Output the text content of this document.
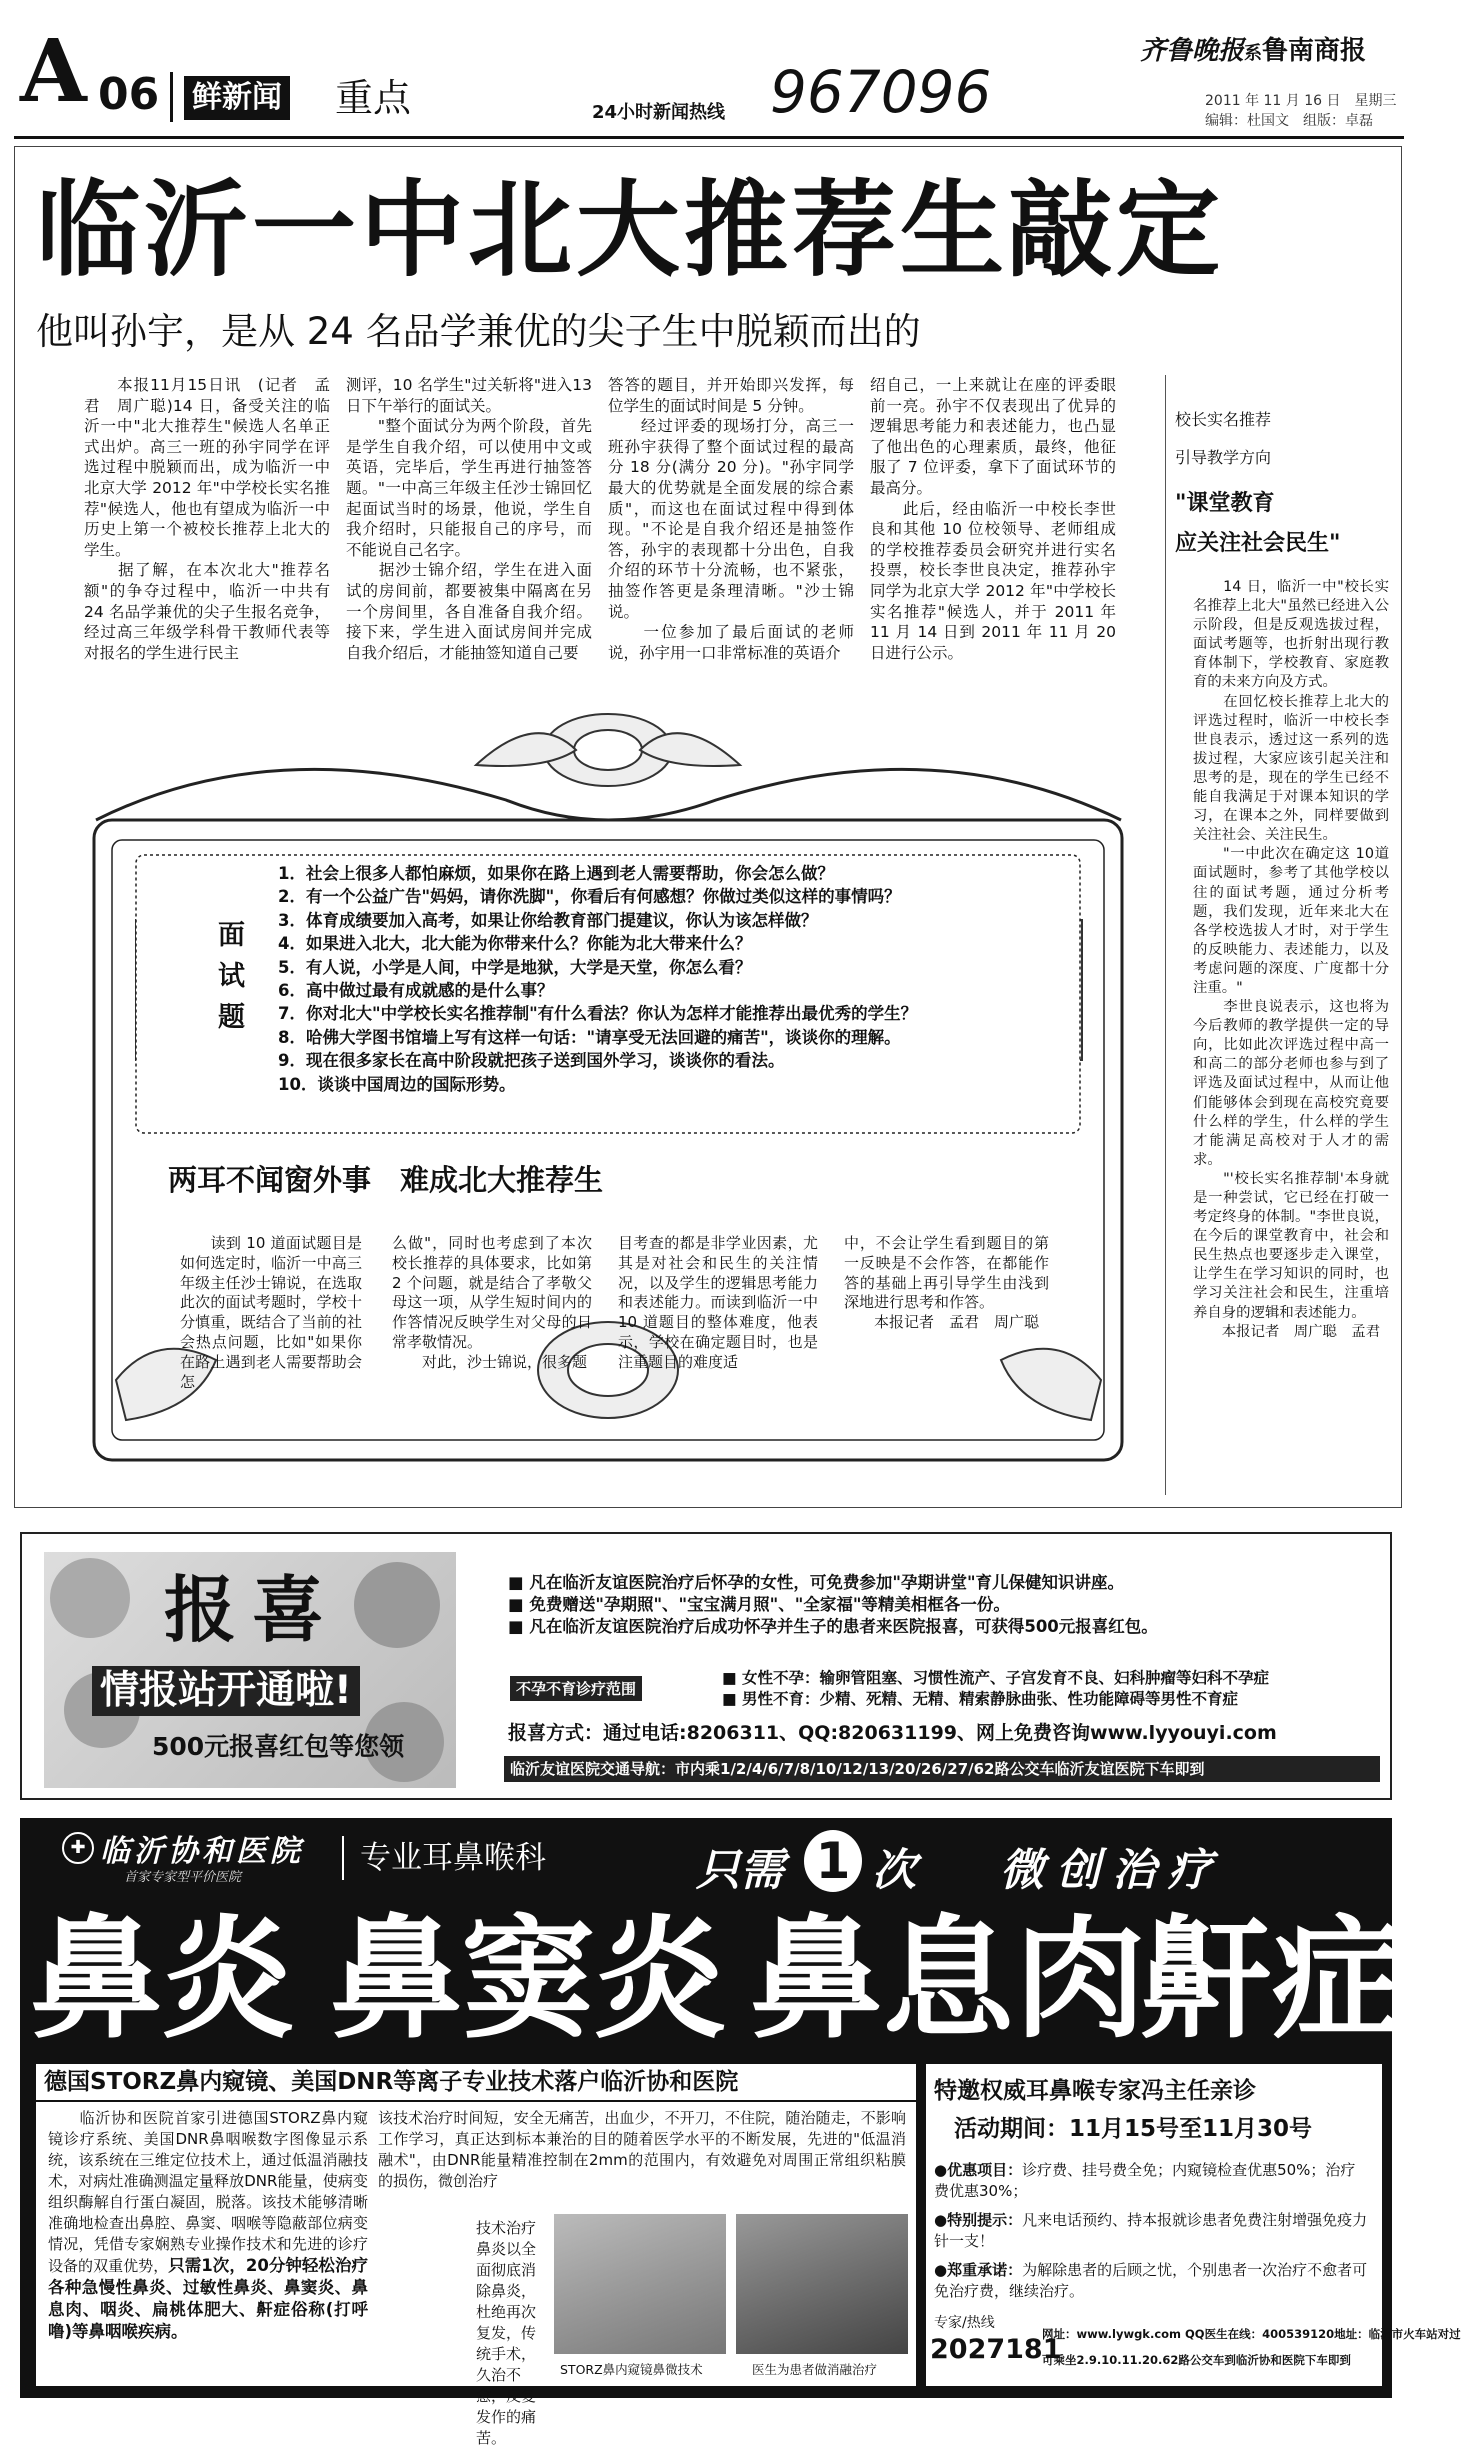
A 06 鲜新闻 重点	24小时新闻热线 967096
齐鲁晚报系鲁南商报
2011 年 11 月 16 日　星期三
编辑：杜国文　组版：卓磊
临沂一中北大推荐生敲定
他叫孙宇，是从 24 名品学兼优的尖子生中脱颖而出的
　　本报11月15日讯　(记者　孟君　周广聪)14 日，备受关注的临沂一中"北大推荐生"候选人名单正式出炉。高三一班的孙宇同学在评选过程中脱颖而出，成为临沂一中北京大学 2012 年"中学校长实名推荐"候选人，他也有望成为临沂一中历史上第一个被校长推荐上北大的学生。
　　据了解，在本次北大"推荐名额"的争夺过程中，临沂一中共有 24 名品学兼优的尖子生报名竞争，经过高三年级学科骨干教师代表等对报名的学生进行民主
测评，10 名学生"过关斩将"进入13 日下午举行的面试关。
　　"整个面试分为两个阶段，首先是学生自我介绍，可以使用中文或英语，完毕后，学生再进行抽签答题。"一中高三年级主任沙士锦回忆起面试当时的场景，他说，学生自我介绍时，只能报自己的序号，而不能说自己名字。
　　据沙士锦介绍，学生在进入面试的房间前，都要被集中隔离在另一个房间里，各自准备自我介绍。接下来，学生进入面试房间并完成自我介绍后，才能抽签知道自己要
答答的题目，并开始即兴发挥，每位学生的面试时间是 5 分钟。
　　经过评委的现场打分，高三一班孙宇获得了整个面试过程的最高分 18 分(满分 20 分)。"孙宇同学最大的优势就是全面发展的综合素质"，而这也在面试过程中得到体现。"不论是自我介绍还是抽签作答，孙宇的表现都十分出色，自我介绍的环节十分流畅，也不紧张，抽签作答更是条理清晰。"沙士锦说。
　　一位参加了最后面试的老师说，孙宇用一口非常标准的英语介
绍自己，一上来就让在座的评委眼前一亮。孙宇不仅表现出了优异的逻辑思考能力和表述能力，也凸显了他出色的心理素质，最终，他征服了 7 位评委，拿下了面试环节的最高分。
　　此后，经由临沂一中校长李世良和其他 10 位校领导、老师组成的学校推荐委员会研究并进行实名投票，校长李世良决定，推荐孙宇同学为北京大学 2012 年"中学校长实名推荐"候选人，并于 2011 年 11 月 14 日到 2011 年 11 月 20 日进行公示。
面试题
1．社会上很多人都怕麻烦，如果你在路上遇到老人需要帮助，你会怎么做？
2．有一个公益广告"妈妈，请你洗脚"，你看后有何感想？你做过类似这样的事情吗？
3．体育成绩要加入高考，如果让你给教育部门提建议，你认为该怎样做？
4．如果进入北大，北大能为你带来什么？你能为北大带来什么？
5．有人说，小学是人间，中学是地狱，大学是天堂，你怎么看？
6．高中做过最有成就感的是什么事？
7．你对北大"中学校长实名推荐制"有什么看法？你认为怎样才能推荐出最优秀的学生？
8．哈佛大学图书馆墙上写有这样一句话："请享受无法回避的痛苦"，谈谈你的理解。
9．现在很多家长在高中阶段就把孩子送到国外学习，谈谈你的看法。
10．谈谈中国周边的国际形势。
两耳不闻窗外事　难成北大推荐生
　　读到 10 道面试题目是如何选定时，临沂一中高三年级主任沙士锦说，在选取此次的面试考题时，学校十分慎重，既结合了当前的社会热点问题，比如"如果你在路上遇到老人需要帮助会怎
么做"，同时也考虑到了本次校长推荐的具体要求，比如第 2 个问题，就是结合了孝敬父母这一项，从学生短时间内的作答情况反映学生对父母的日常孝敬情况。
　　对此，沙士锦说，很多题
目考查的都是非学业因素，尤其是对社会和民生的关注情况，以及学生的逻辑思考能力和表述能力。而读到临沂一中 10 道题目的整体难度，他表示，学校在确定题目时，也是注重题目的难度适
中，不会让学生看到题目的第一反映是不会作答，在都能作答的基础上再引导学生由浅到深地进行思考和作答。
　　本报记者　孟君　周广聪
校长实名推荐
引导教学方向
"课堂教育
应关注社会民生"
　　14 日，临沂一中"校长实名推荐上北大"虽然已经进入公示阶段，但是反观选拔过程，面试考题等，也折射出现行教育体制下，学校教育、家庭教育的未来方向及方式。
　　在回忆校长推荐上北大的评选过程时，临沂一中校长李世良表示，透过这一系列的选拔过程，大家应该引起关注和思考的是，现在的学生已经不能自我满足于对课本知识的学习，在课本之外，同样要做到关注社会、关注民生。
　　"一中此次在确定这 10道面试题时，参考了其他学校以往的面试考题，通过分析考题，我们发现，近年来北大在各学校选拔人才时，对于学生的反映能力、表述能力，以及考虑问题的深度、广度都十分注重。"
　　李世良说表示，这也将为今后教师的教学提供一定的导向，比如此次评选过程中高一和高二的部分老师也参与到了评选及面试过程中，从而让他们能够体会到现在高校究竟要什么样的学生，什么样的学生才能满足高校对于人才的需求。
　　"'校长实名推荐制'本身就是一种尝试，它已经在打破一考定终身的体制。"李世良说，在今后的课堂教育中，社会和民生热点也要逐步走入课堂，让学生在学习知识的同时，也学习关注社会和民生，注重培养自身的逻辑和表述能力。
　　本报记者　周广聪　孟君
报喜
情报站开通啦!
500元报喜红包等您领
■ 凡在临沂友谊医院治疗后怀孕的女性，可免费参加"孕期讲堂"育儿保健知识讲座。
■ 免费赠送"孕期照"、"宝宝满月照"、"全家福"等精美相框各一份。
■ 凡在临沂友谊医院治疗后成功怀孕并生子的患者来医院报喜，可获得500元报喜红包。
不孕不育诊疗范围
■ 女性不孕：输卵管阻塞、习惯性流产、子宫发育不良、妇科肿瘤等妇科不孕症
■ 男性不育：少精、死精、无精、精索静脉曲张、性功能障碍等男性不育症
报喜方式：通过电话:8206311、QQ:820631199、网上免费咨询www.lyyouyi.com
临沂友谊医院交通导航：市内乘1/2/4/6/7/8/10/12/13/20/26/27/62路公交车临沂友谊医院下车即到
✚ 临沂协和医院
首家专家型平价医院
专业耳鼻喉科	只需 1 次 微创治疗
鼻炎 鼻窦炎 鼻息肉
鼾症
德国STORZ鼻内窥镜、美国DNR等离子专业技术落户临沂协和医院
　　临沂协和医院首家引进德国STORZ鼻内窥镜诊疗系统、美国DNR鼻咽喉数字图像显示系统，该系统在三维定位技术上，通过低温消融技术，对病灶准确测温定量释放DNR能量，使病变组织酶解自行蛋白凝固，脱落。该技术能够清晰准确地检查出鼻腔、鼻窦、咽喉等隐蔽部位病变情况，凭借专家娴熟专业操作技术和先进的诊疗设备的双重优势，只需1次，20分钟轻松治疗各种急慢性鼻炎、过敏性鼻炎、鼻窦炎、鼻息肉、咽炎、扁桃体肥大、鼾症俗称(打呼噜)等鼻咽喉疾病。
该技术治疗时间短，安全无痛苦，出血少，不开刀，不住院，随治随走，不影响工作学习，真正达到标本兼治的目的随着医学水平的不断发展，先进的"低温消融术"，由DNR能量精准控制在2mm的范围内，有效避免对周围正常组织粘膜的损伤，微创治疗
技术治疗鼻炎以全面彻底消除鼻炎，杜绝再次复发，传统手术，久治不愈，反复发作的痛苦。
STORZ鼻内窥镜鼻微技术	医生为患者做消融治疗
特邀权威耳鼻喉专家冯主任亲诊
活动期间：11月15号至11月30号
●优惠项目：诊疗费、挂号费全免；内窥镜检查优惠50%；治疗费优惠30%；
●特别提示：凡来电话预约、持本报就诊患者免费注射增强免疫力针一支！
●郑重承诺：为解除患者的后顾之忧，个别患者一次治疗不愈者可免治疗费，继续治疗。
专家/热线
2027181
网址：www.lywgk.com QQ医生在线：400539120地址：临沂市火车站对过
可乘坐2.9.10.11.20.62路公交车到临沂协和医院下车即到
